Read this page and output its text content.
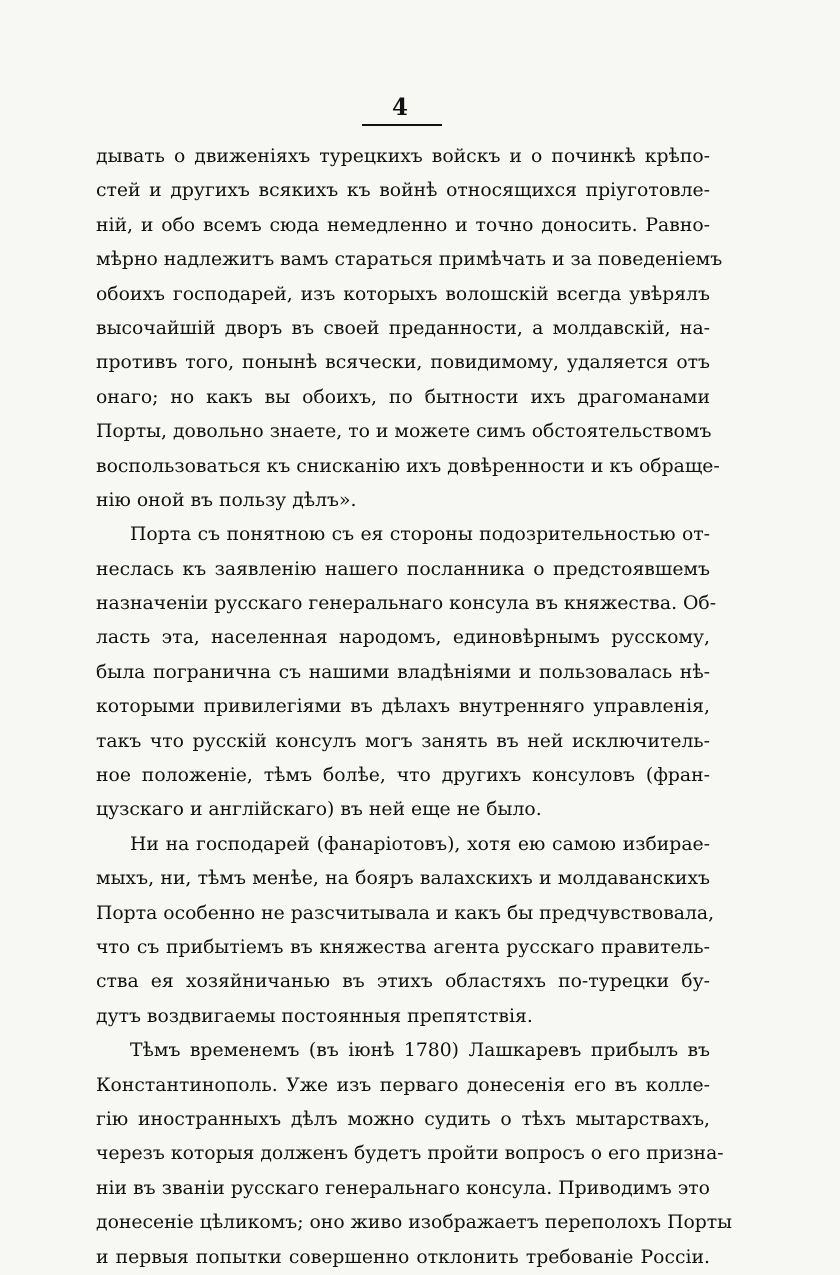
4
дывать о движеніяхъ турецкихъ войскъ и о починкѣ крѣпо-
стей и другихъ всякихъ къ войнѣ относящихся пріуготовле-
ній, и обо всемъ сюда немедленно и точно доносить. Равно-
мѣрно надлежитъ вамъ стараться примѣчать и за поведеніемъ
обоихъ господарей, изъ которыхъ волошскій всегда увѣрялъ
высочайшій дворъ въ своей преданности, а молдавскій, на-
противъ того, понынѣ всячески, повидимому, удаляется отъ
онаго; но какъ вы обоихъ, по бытности ихъ драгоманами
Порты, довольно знаете, то и можете симъ обстоятельствомъ
воспользоваться къ снисканію ихъ довѣренности и къ обраще-
нію оной въ пользу дѣлъ».
Порта съ понятною съ ея стороны подозрительностью от-
неслась къ заявленію нашего посланника о предстоявшемъ
назначеніи русскаго генеральнаго консула въ княжества. Об-
ласть эта, населенная народомъ, единовѣрнымъ русскому,
была погранична съ нашими владѣніями и пользовалась нѣ-
которыми привилегіями въ дѣлахъ внутренняго управленія,
такъ что русскій консулъ могъ занять въ ней исключитель-
ное положеніе, тѣмъ болѣе, что другихъ консуловъ (фран-
цузскаго и англійскаго) въ ней еще не было.
Ни на господарей (фанаріотовъ), хотя ею самою избирае-
мыхъ, ни, тѣмъ менѣе, на бояръ валахскихъ и молдаванскихъ
Порта особенно не разсчитывала и какъ бы предчувствовала,
что съ прибытіемъ въ княжества агента русскаго правитель-
ства ея хозяйничанью въ этихъ областяхъ по-турецки бу-
дутъ воздвигаемы постоянныя препятствія.
Тѣмъ временемъ (въ іюнѣ 1780) Лашкаревъ прибылъ въ
Константинополь. Уже изъ перваго донесенія его въ колле-
гію иностранныхъ дѣлъ можно судить о тѣхъ мытарствахъ,
черезъ которыя долженъ будетъ пройти вопросъ о его призна-
ніи въ званіи русскаго генеральнаго консула. Приводимъ это
донесеніе цѣликомъ; оно живо изображаетъ переполохъ Порты
и первыя попытки совершенно отклонить требованіе Россіи.
